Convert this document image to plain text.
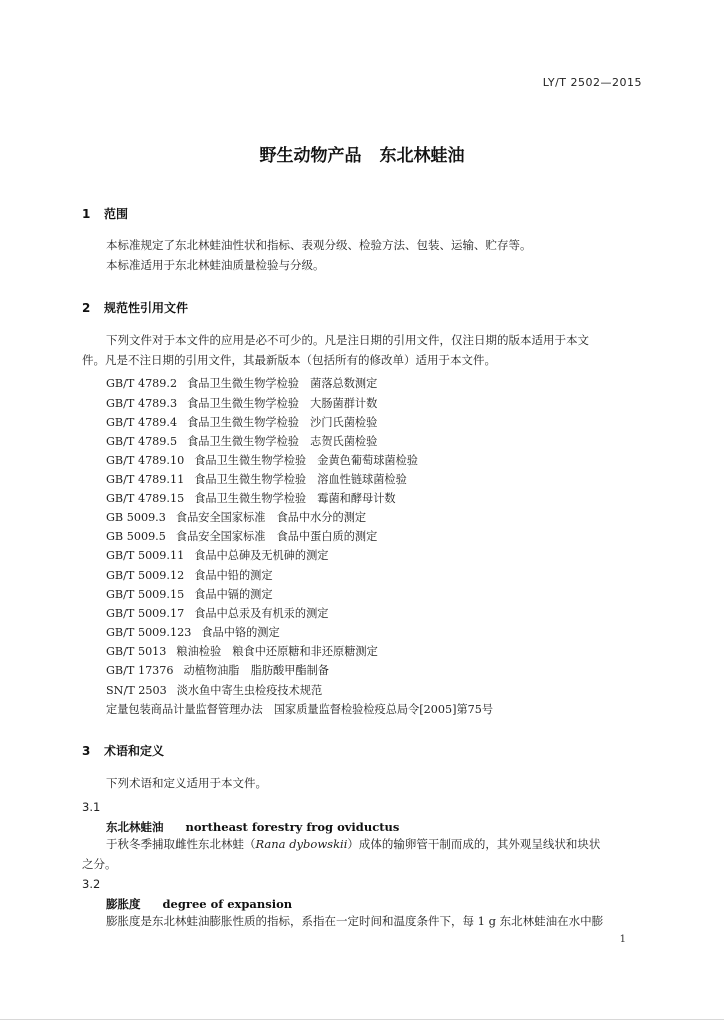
LY/T 2502—2015
野生动物产品 东北林蛙油
1 范围
本标准规定了东北林蛙油性状和指标、表观分级、检验方法、包装、运输、贮存等。
本标准适用于东北林蛙油质量检验与分级。
2 规范性引用文件
下列文件对于本文件的应用是必不可少的。凡是注日期的引用文件，仅注日期的版本适用于本文
件。凡是不注日期的引用文件，其最新版本（包括所有的修改单）适用于本文件。
GB/T 4789.2 食品卫生微生物学检验　菌落总数测定
GB/T 4789.3 食品卫生微生物学检验　大肠菌群计数
GB/T 4789.4 食品卫生微生物学检验　沙门氏菌检验
GB/T 4789.5 食品卫生微生物学检验　志贺氏菌检验
GB/T 4789.10 食品卫生微生物学检验　金黄色葡萄球菌检验
GB/T 4789.11 食品卫生微生物学检验　溶血性链球菌检验
GB/T 4789.15 食品卫生微生物学检验　霉菌和酵母计数
GB 5009.3 食品安全国家标准　食品中水分的测定
GB 5009.5 食品安全国家标准　食品中蛋白质的测定
GB/T 5009.11 食品中总砷及无机砷的测定
GB/T 5009.12 食品中铅的测定
GB/T 5009.15 食品中镉的测定
GB/T 5009.17 食品中总汞及有机汞的测定
GB/T 5009.123 食品中铬的测定
GB/T 5013 粮油检验　粮食中还原糖和非还原糖测定
GB/T 17376 动植物油脂　脂肪酸甲酯制备
SN/T 2503 淡水鱼中寄生虫检疫技术规范
定量包装商品计量监督管理办法　国家质量监督检验检疫总局令[2005]第75号
3 术语和定义
下列术语和定义适用于本文件。
3.1
东北林蛙油 northeast forestry frog oviductus
于秋冬季捕取雌性东北林蛙（Rana dybowskii）成体的输卵管干制而成的，其外观呈线状和块状
之分。
3.2
膨胀度 degree of expansion
膨胀度是东北林蛙油膨胀性质的指标，系指在一定时间和温度条件下，每 1 g 东北林蛙油在水中膨
1
